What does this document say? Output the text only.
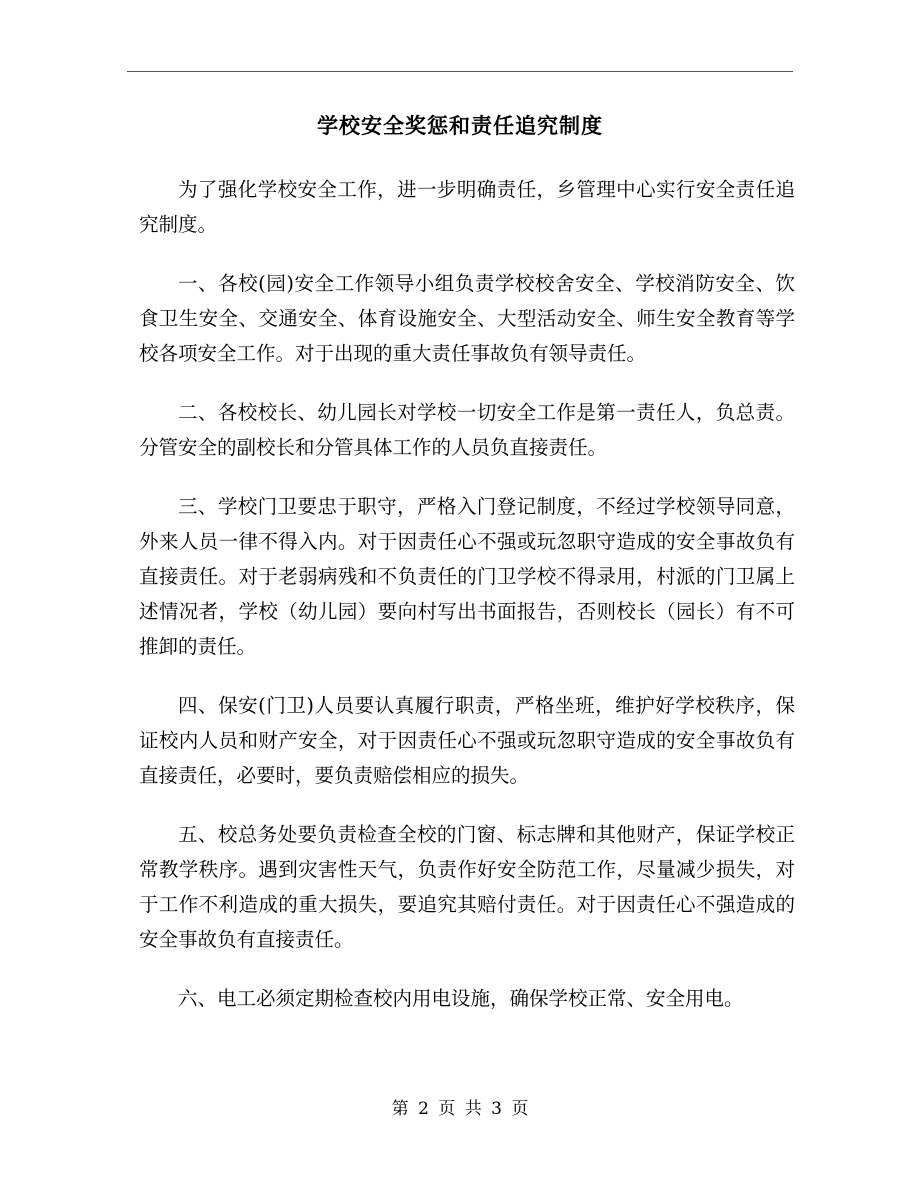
学校安全奖惩和责任追究制度

为了强化学校安全工作，进一步明确责任，乡管理中心实行安全责任追究制度。

一、各校(园)安全工作领导小组负责学校校舍安全、学校消防安全、饮食卫生安全、交通安全、体育设施安全、大型活动安全、师生安全教育等学校各项安全工作。对于出现的重大责任事故负有领导责任。

二、各校校长、幼儿园长对学校一切安全工作是第一责任人，负总责。分管安全的副校长和分管具体工作的人员负直接责任。

三、学校门卫要忠于职守，严格入门登记制度，不经过学校领导同意，外来人员一律不得入内。对于因责任心不强或玩忽职守造成的安全事故负有直接责任。对于老弱病残和不负责任的门卫学校不得录用，村派的门卫属上述情况者，学校（幼儿园）要向村写出书面报告，否则校长（园长）有不可推卸的责任。

四、保安(门卫)人员要认真履行职责，严格坐班，维护好学校秩序，保证校内人员和财产安全，对于因责任心不强或玩忽职守造成的安全事故负有直接责任，必要时，要负责赔偿相应的损失。

五、校总务处要负责检查全校的门窗、标志牌和其他财产，保证学校正常教学秩序。遇到灾害性天气，负责作好安全防范工作，尽量减少损失，对于工作不利造成的重大损失，要追究其赔付责任。对于因责任心不强造成的安全事故负有直接责任。

六、电工必须定期检查校内用电设施，确保学校正常、安全用电。

第 2 页 共 3 页
